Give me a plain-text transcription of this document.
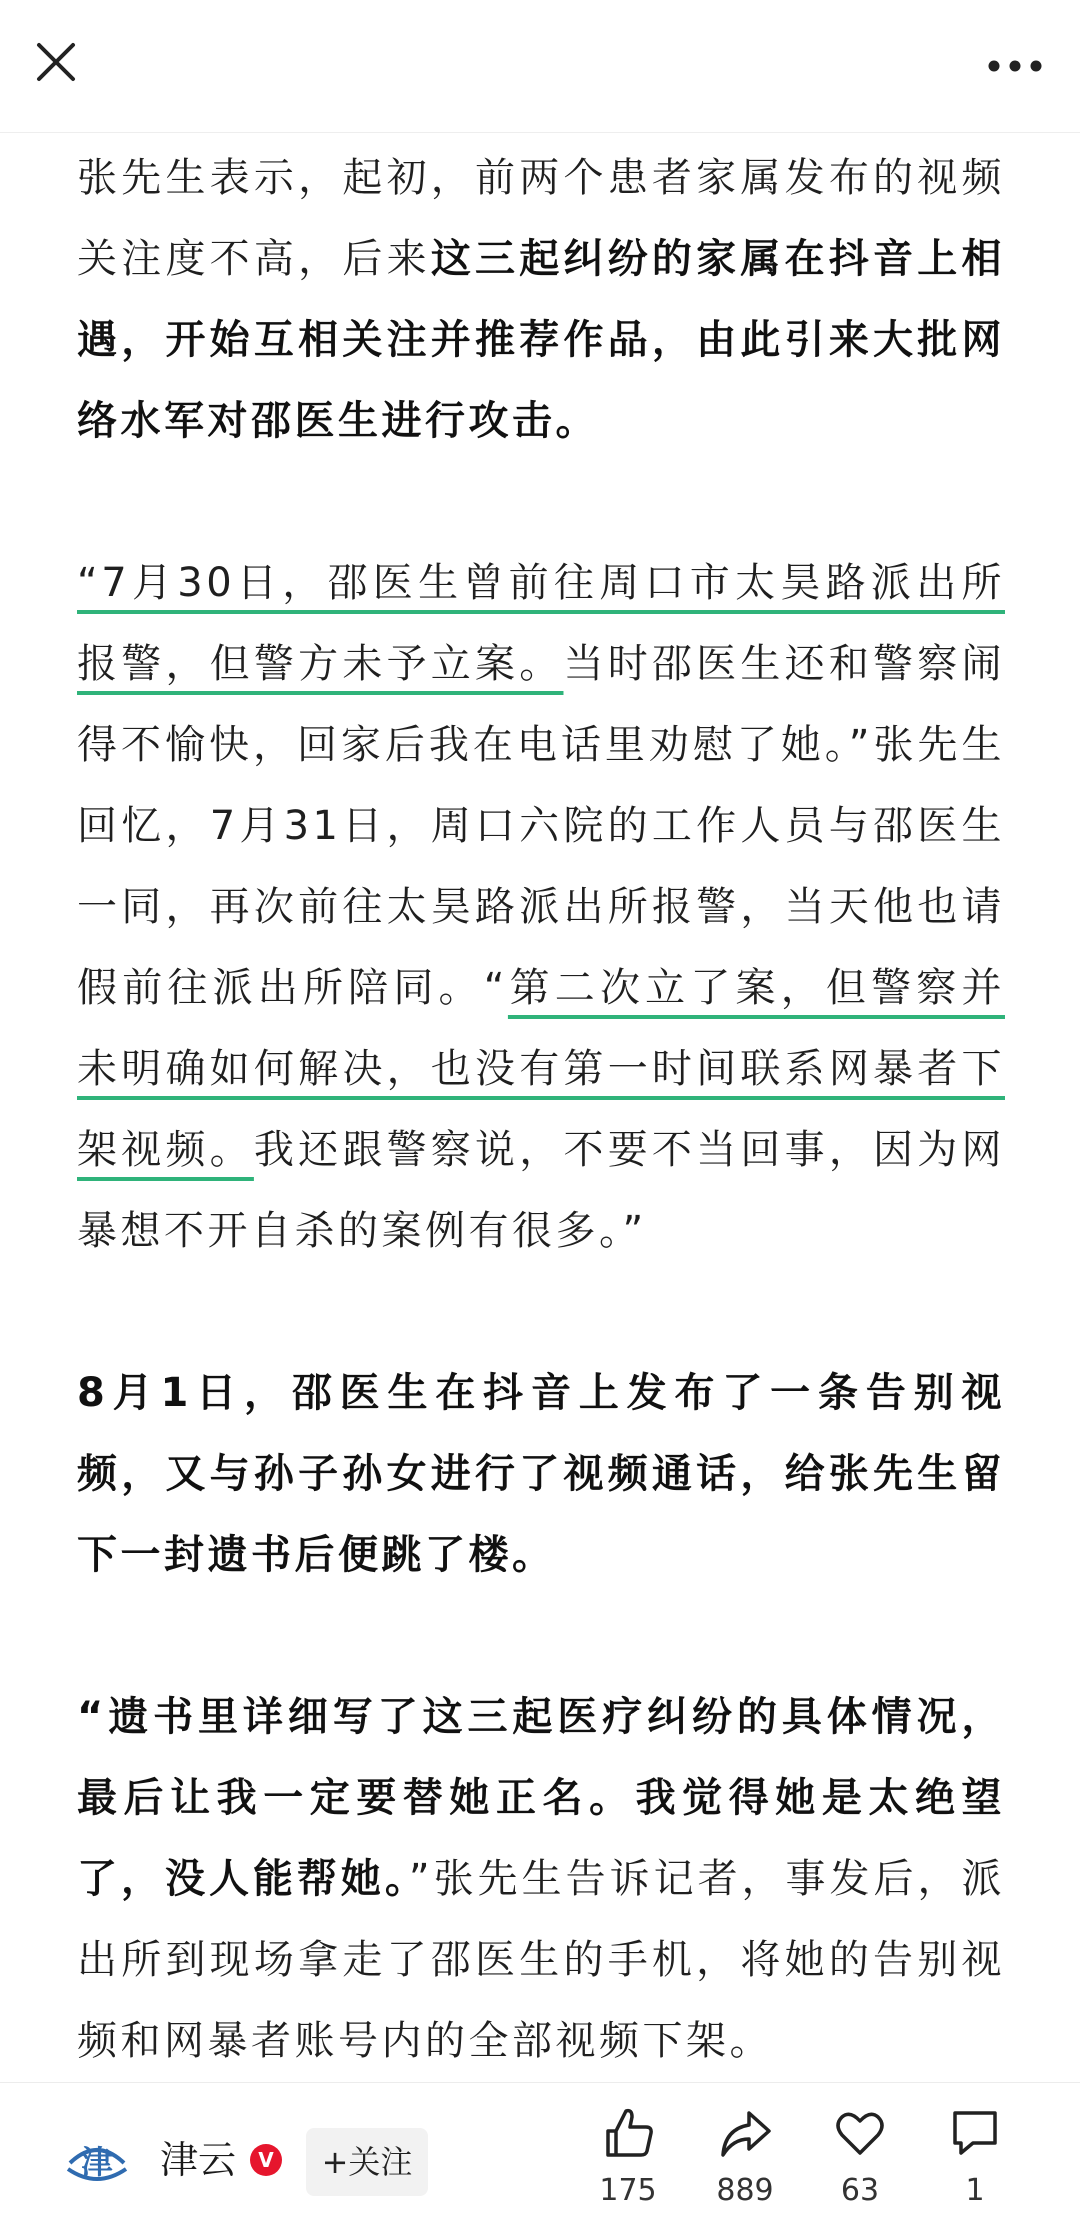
张先生表示，起初，前两个患者家属发布的视频关注度不高，后来这三起纠纷的家属在抖音上相遇，开始互相关注并推荐作品，由此引来大批网络水军对邵医生进行攻击。

“7月30日，邵医生曾前往周口市太昊路派出所报警，但警方未予立案。当时邵医生还和警察闹得不愉快，回家后我在电话里劝慰了她。”张先生回忆，7月31日，周口六院的工作人员与邵医生一同，再次前往太昊路派出所报警，当天他也请假前往派出所陪同。“第二次立了案，但警察并未明确如何解决，也没有第一时间联系网暴者下架视频。我还跟警察说，不要不当回事，因为网暴想不开自杀的案例有很多。”

8月1日，邵医生在抖音上发布了一条告别视频，又与孙子孙女进行了视频通话，给张先生留下一封遗书后便跳了楼。

“遗书里详细写了这三起医疗纠纷的具体情况，最后让我一定要替她正名。我觉得她是太绝望了，没人能帮她。”张先生告诉记者，事发后，派出所到现场拿走了邵医生的手机，将她的告别视频和网暴者账号内的全部视频下架。

津 津云	V	+关注
175	889	63	1
